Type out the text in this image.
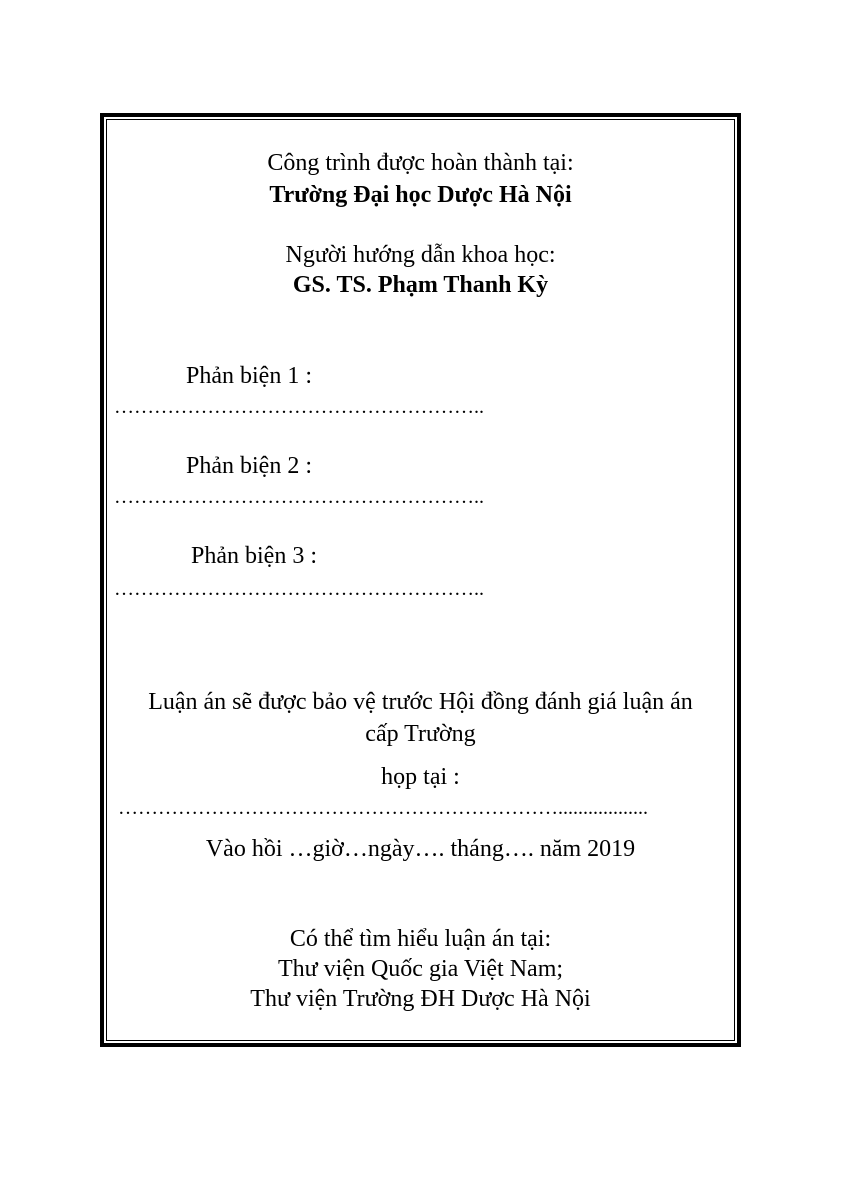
Công trình được hoàn thành tại:
Trường Đại học Dược Hà Nội
Người hướng dẫn khoa học:
GS. TS. Phạm Thanh Kỳ
Phản biện 1 :
………………………………………………..
Phản biện 2 :
………………………………………………..
Phản biện 3 :
………………………………………………..
Luận án sẽ được bảo vệ trước Hội đồng đánh giá luận án
cấp Trường
họp tại :
…………………………………………………………..................
Vào hồi …giờ…ngày…. tháng…. năm 2019
Có thể tìm hiểu luận án tại:
Thư viện Quốc gia Việt Nam;
Thư viện Trường ĐH Dược Hà Nội
